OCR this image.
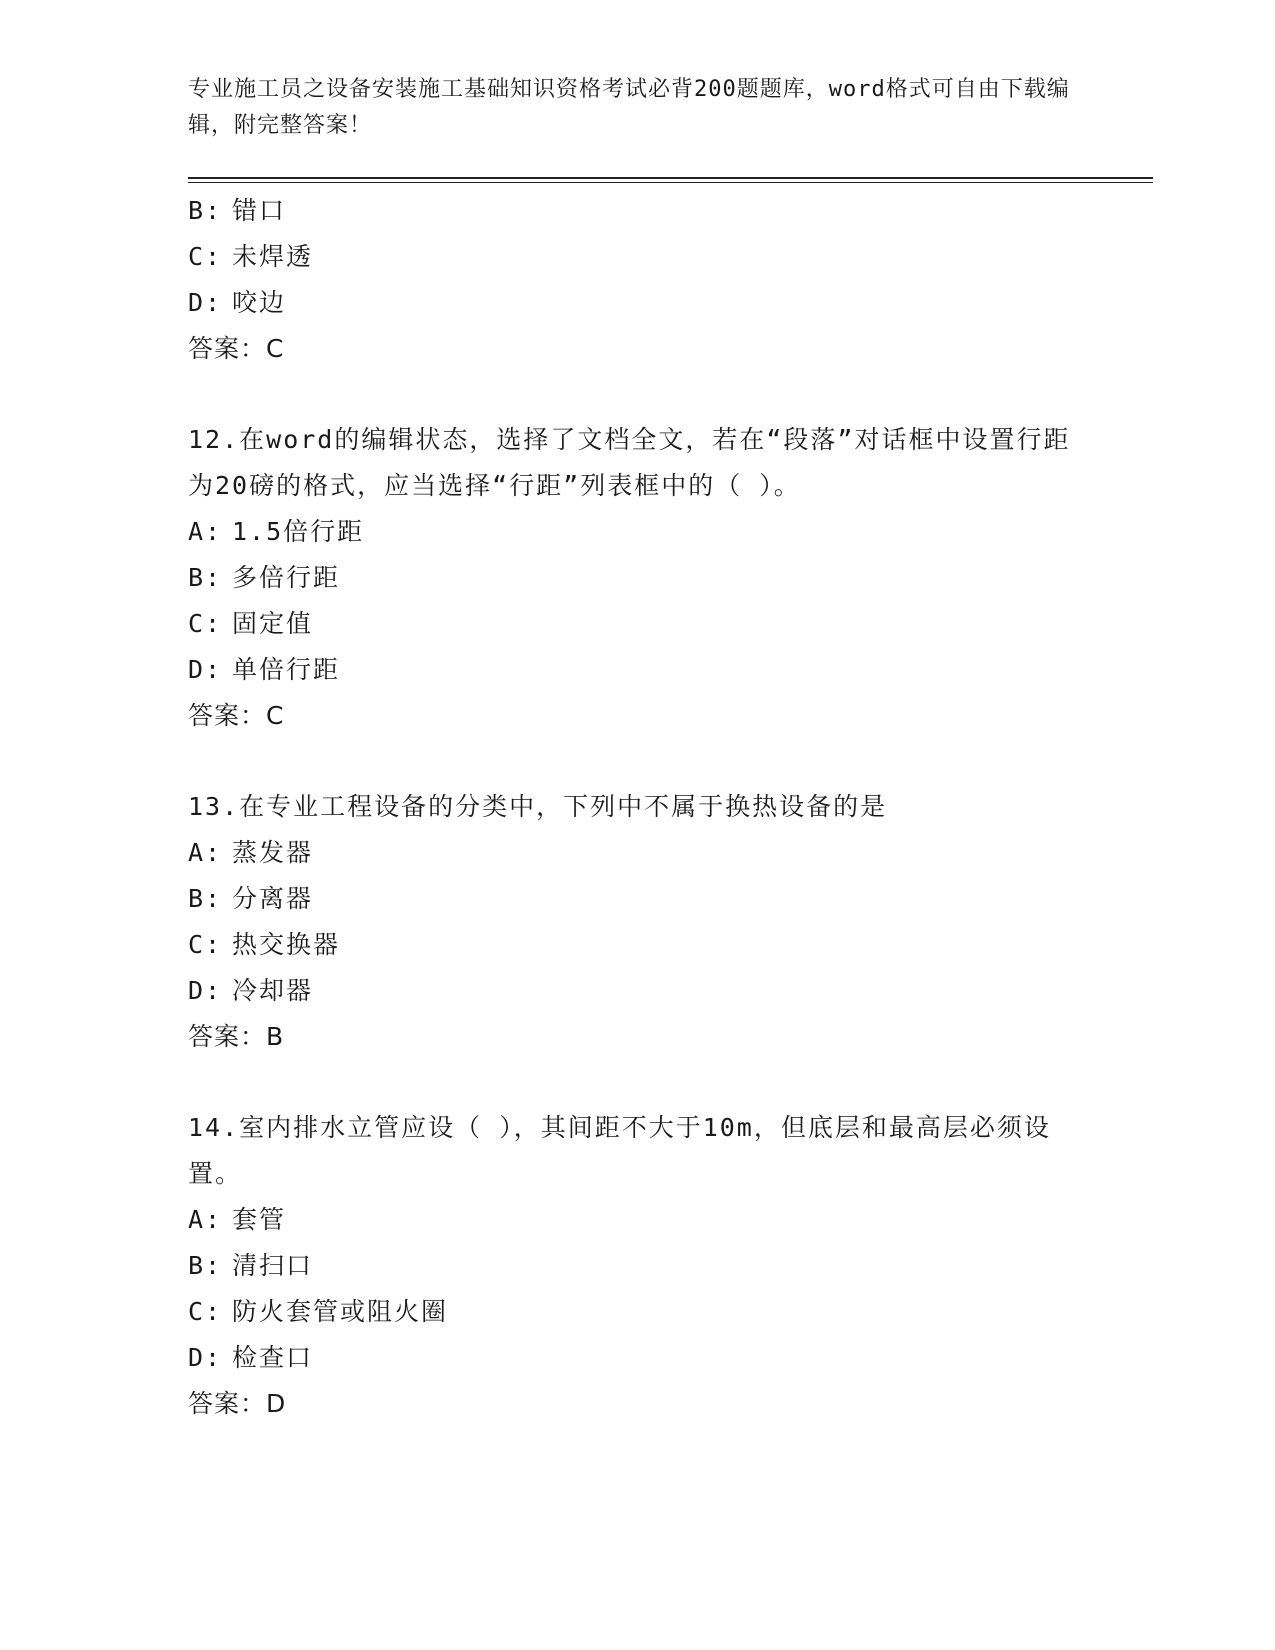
专业施工员之设备安装施工基础知识资格考试必背200题题库，word格式可自由下载编辑，附完整答案！
B: 错口
C: 未焊透
D: 咬边
答案：C
12.在word的编辑状态，选择了文档全文，若在“段落”对话框中设置行距为20磅的格式，应当选择“行距”列表框中的（ ）。
A: 1.5倍行距
B: 多倍行距
C: 固定值
D: 单倍行距
答案：C
13.在专业工程设备的分类中，下列中不属于换热设备的是
A: 蒸发器
B: 分离器
C: 热交换器
D: 冷却器
答案：B
14.室内排水立管应设（ ），其间距不大于10m，但底层和最高层必须设置。
A: 套管
B: 清扫口
C: 防火套管或阻火圈
D: 检查口
答案：D
